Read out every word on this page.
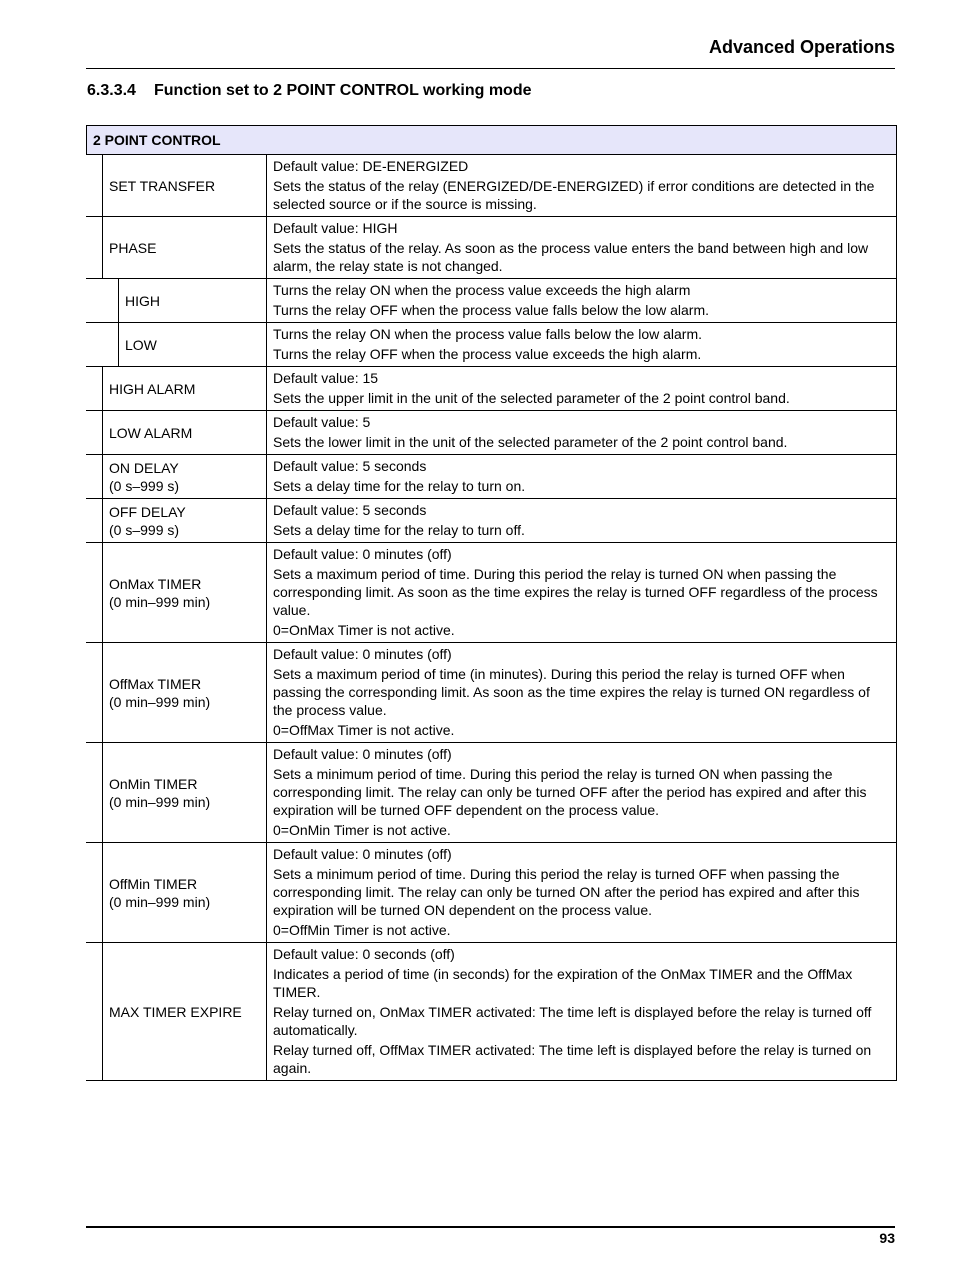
Advanced Operations
6.3.3.4 Function set to 2 POINT CONTROL working mode
2 POINT CONTROL
SET TRANSFER

Default value: DE-ENERGIZED

Sets the status of the relay (ENERGIZED/DE-ENERGIZED) if error conditions are detected in the selected source or if the source is missing.

PHASE

Default value: HIGH

Sets the status of the relay. As soon as the process value enters the band between high and low alarm, the relay state is not changed.

HIGH

Turns the relay ON when the process value exceeds the high alarm

Turns the relay OFF when the process value falls below the low alarm.

LOW

Turns the relay ON when the process value falls below the low alarm.

Turns the relay OFF when the process value exceeds the high alarm.

HIGH ALARM

Default value: 15

Sets the upper limit in the unit of the selected parameter of the 2 point control band.

LOW ALARM

Default value: 5

Sets the lower limit in the unit of the selected parameter of the 2 point control band.

ON DELAY
(0 s–999 s)

Default value: 5 seconds

Sets a delay time for the relay to turn on.

OFF DELAY
(0 s–999 s)

Default value: 5 seconds

Sets a delay time for the relay to turn off.

OnMax TIMER
(0 min–999 min)

Default value: 0 minutes (off)

Sets a maximum period of time. During this period the relay is turned ON when passing the corresponding limit. As soon as the time expires the relay is turned OFF regardless of the process value.

0=OnMax Timer is not active.

OffMax TIMER
(0 min–999 min)

Default value: 0 minutes (off)

Sets a maximum period of time (in minutes). During this period the relay is turned OFF when passing the corresponding limit. As soon as the time expires the relay is turned ON regardless of the process value.

0=OffMax Timer is not active.

OnMin TIMER
(0 min–999 min)

Default value: 0 minutes (off)

Sets a minimum period of time. During this period the relay is turned ON when passing the corresponding limit. The relay can only be turned OFF after the period has expired and after this expiration will be turned OFF dependent on the process value.

0=OnMin Timer is not active.

OffMin TIMER
(0 min–999 min)

Default value: 0 minutes (off)

Sets a minimum period of time. During this period the relay is turned OFF when passing the corresponding limit. The relay can only be turned ON after the period has expired and after this expiration will be turned ON dependent on the process value.

0=OffMin Timer is not active.

MAX TIMER EXPIRE

Default value: 0 seconds (off)

Indicates a period of time (in seconds) for the expiration of the OnMax TIMER and the OffMax TIMER.

Relay turned on, OnMax TIMER activated: The time left is displayed before the relay is turned off automatically.

Relay turned off, OffMax TIMER activated: The time left is displayed before the relay is turned on again.

93
